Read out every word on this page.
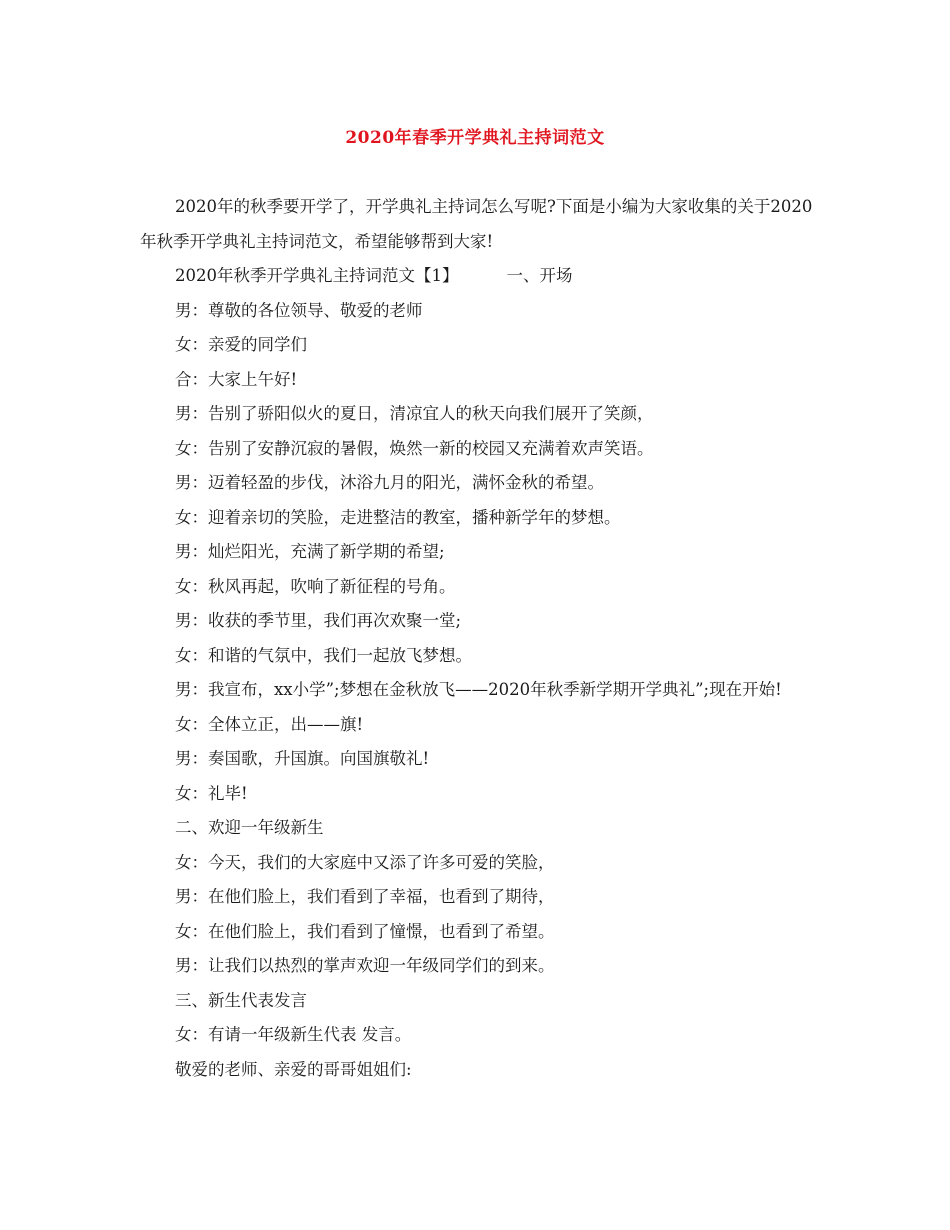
2020年春季开学典礼主持词范文

2020年的秋季要开学了，开学典礼主持词怎么写呢?下面是小编为大家收集的关于2020年秋季开学典礼主持词范文，希望能够帮到大家!

2020年秋季开学典礼主持词范文【1】	一、开场

男：尊敬的各位领导、敬爱的老师

女：亲爱的同学们

合：大家上午好!

男：告别了骄阳似火的夏日，清凉宜人的秋天向我们展开了笑颜，

女：告别了安静沉寂的暑假，焕然一新的校园又充满着欢声笑语。

男：迈着轻盈的步伐，沐浴九月的阳光，满怀金秋的希望。

女：迎着亲切的笑脸，走进整洁的教室，播种新学年的梦想。

男：灿烂阳光，充满了新学期的希望;

女：秋风再起，吹响了新征程的号角。

男：收获的季节里，我们再次欢聚一堂;

女：和谐的气氛中，我们一起放飞梦想。

男：我宣布，xx小学”;梦想在金秋放飞——2020年秋季新学期开学典礼”;现在开始!

女：全体立正，出——旗!

男：奏国歌，升国旗。向国旗敬礼!

女：礼毕!

二、欢迎一年级新生

女：今天，我们的大家庭中又添了许多可爱的笑脸，

男：在他们脸上，我们看到了幸福，也看到了期待，

女：在他们脸上，我们看到了憧憬，也看到了希望。

男：让我们以热烈的掌声欢迎一年级同学们的到来。

三、新生代表发言

女：有请一年级新生代表 发言。

敬爱的老师、亲爱的哥哥姐姐们:
